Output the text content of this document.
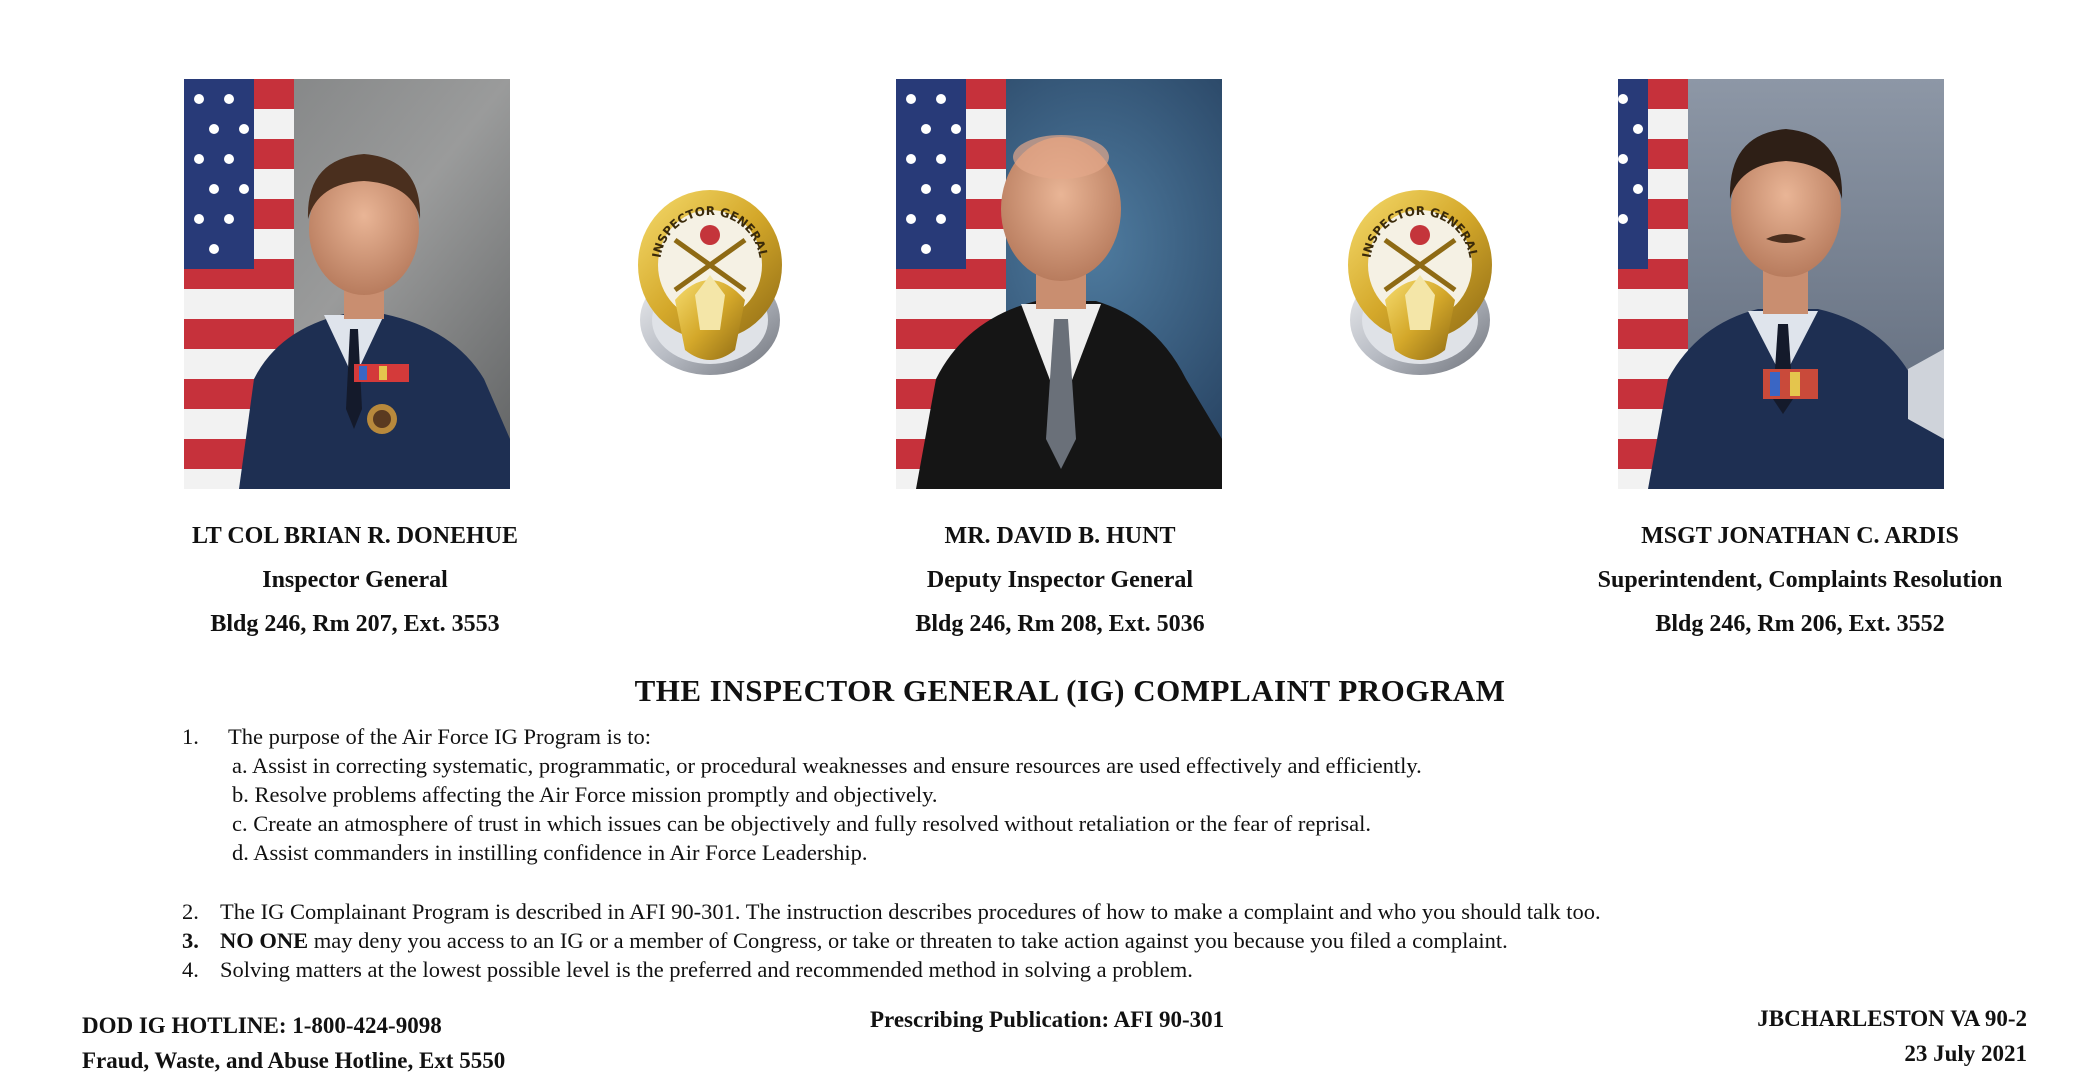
INSPECTOR GENERAL	INSPECTOR GENERAL
LT COL BRIAN R. DONEHUE
Inspector General
Bldg 246, Rm 207, Ext. 3553
MR. DAVID B. HUNT
Deputy Inspector General
Bldg 246, Rm 208, Ext. 5036
MSGT JONATHAN C. ARDIS
Superintendent, Complaints Resolution
Bldg 246, Rm 206, Ext. 3552
THE INSPECTOR GENERAL (IG) COMPLAINT PROGRAM
1. The purpose of the Air Force IG Program is to:
a. Assist in correcting systematic, programmatic, or procedural weaknesses and ensure resources are used effectively and efficiently.
b. Resolve problems affecting the Air Force mission promptly and objectively.
c. Create an atmosphere of trust in which issues can be objectively and fully resolved without retaliation or the fear of reprisal.
d. Assist commanders in instilling confidence in Air Force Leadership.
2. The IG Complainant Program is described in AFI 90-301. The instruction describes procedures of how to make a complaint and who you should talk too.
3. NO ONE may deny you access to an IG or a member of Congress, or take or threaten to take action against you because you filed a complaint.
4. Solving matters at the lowest possible level is the preferred and recommended method in solving a problem.
DOD IG HOTLINE: 1-800-424-9098
Fraud, Waste, and Abuse Hotline, Ext 5550
Prescribing Publication: AFI 90-301	JBCHARLESTON VA 90-2
23 July 2021
